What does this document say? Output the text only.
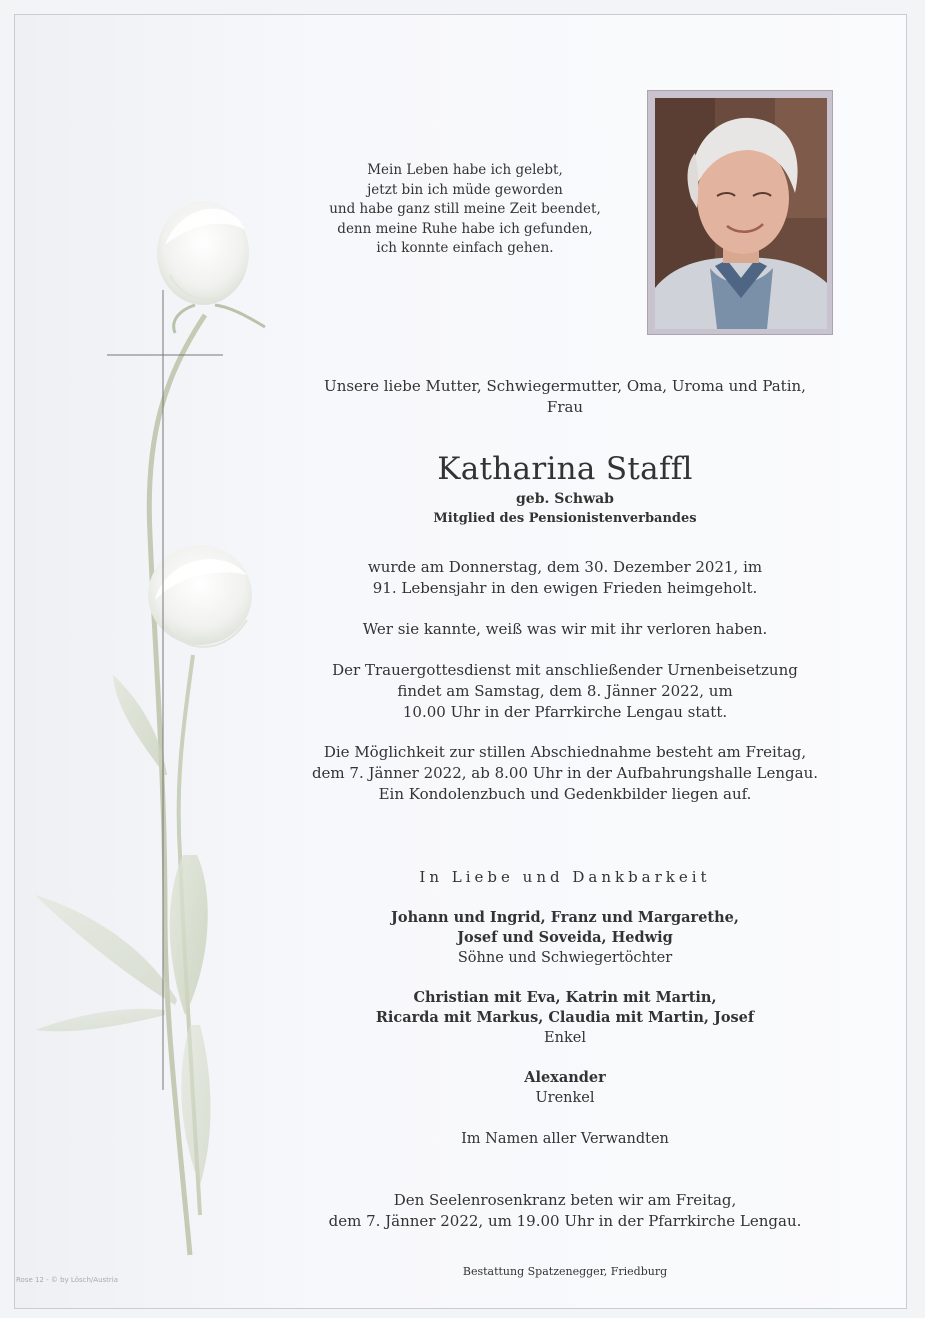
Mein Leben habe ich gelebt,
jetzt bin ich müde geworden
und habe ganz still meine Zeit beendet,
denn meine Ruhe habe ich gefunden,
ich konnte einfach gehen.
Unsere liebe Mutter, Schwiegermutter, Oma, Uroma und Patin,
Frau
Katharina Staffl
geb. Schwab
Mitglied des Pensionistenverbandes
wurde am Donnerstag, dem 30. Dezember 2021, im
91. Lebensjahr in den ewigen Frieden heimgeholt.
Wer sie kannte, weiß was wir mit ihr verloren haben.
Der Trauergottesdienst mit anschließender Urnenbeisetzung
findet am Samstag, dem 8. Jänner 2022, um
10.00 Uhr in der Pfarrkirche Lengau statt.
Die Möglichkeit zur stillen Abschiednahme besteht am Freitag,
dem 7. Jänner 2022, ab 8.00 Uhr in der Aufbahrungshalle Lengau.
Ein Kondolenzbuch und Gedenkbilder liegen auf.
In Liebe und Dankbarkeit
Johann und Ingrid, Franz und Margarethe,
Josef und Soveida, Hedwig
Söhne und Schwiegertöchter
Christian mit Eva, Katrin mit Martin,
Ricarda mit Markus, Claudia mit Martin, Josef
Enkel
Alexander
Urenkel
Im Namen aller Verwandten
Den Seelenrosenkranz beten wir am Freitag,
dem 7. Jänner 2022, um 19.00 Uhr in der Pfarrkirche Lengau.
Bestattung Spatzenegger, Friedburg
Rose 12 - © by Lösch/Austria
